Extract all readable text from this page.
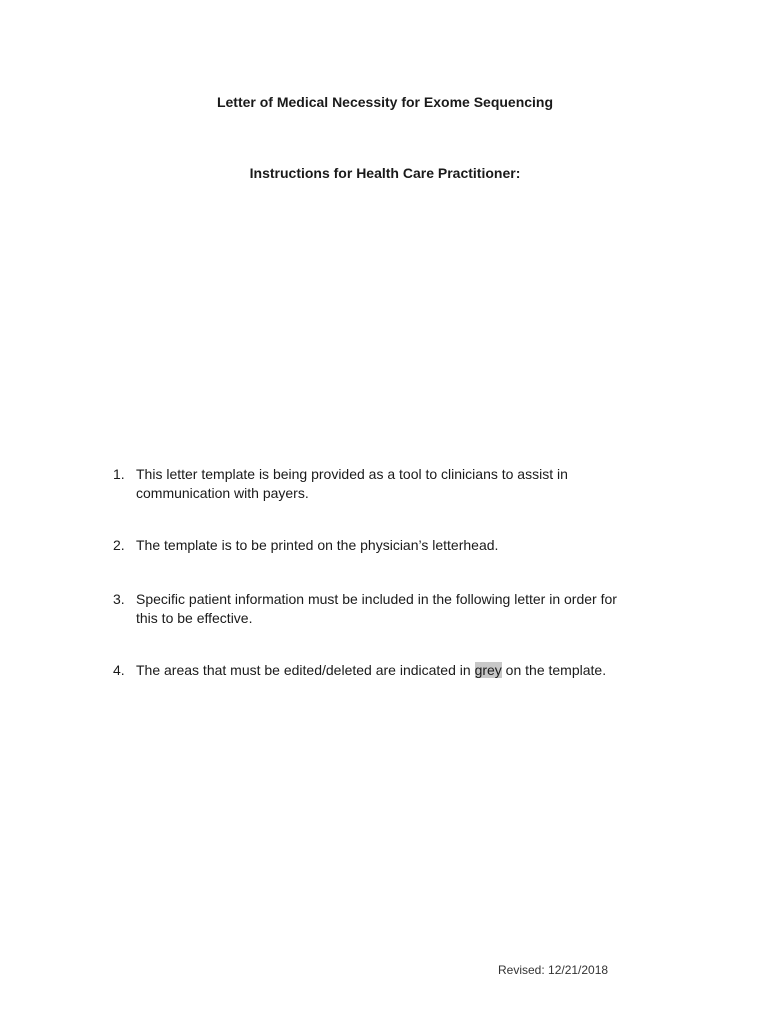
Letter of Medical Necessity for Exome Sequencing
Instructions for Health Care Practitioner:
1. This letter template is being provided as a tool to clinicians to assist in
communication with payers.
2. The template is to be printed on the physician’s letterhead.
3. Specific patient information must be included in the following letter in order for
this to be effective.
4. The areas that must be edited/deleted are indicated in grey on the template.
Revised: 12/21/2018
